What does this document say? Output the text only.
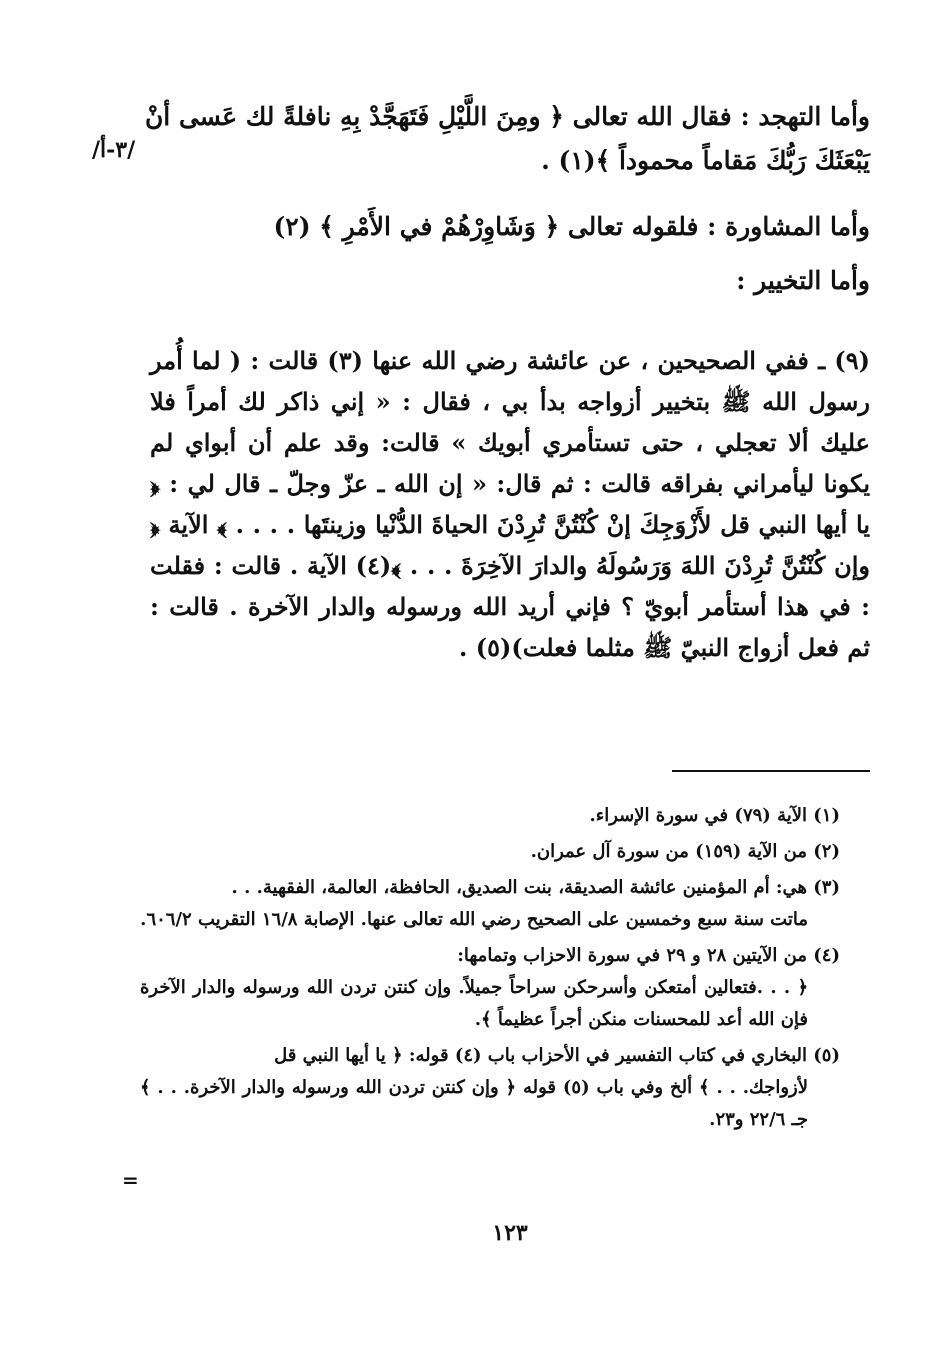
/٣-أ/

وأما التهجد : فقال الله تعالى ﴿ ومِنَ اللَّيْلِ فَتَهَجَّدْ بِهِ نافلةً لك عَسى أنْ يَبْعَثَكَ رَبُّكَ مَقاماً محموداً ﴾(١) .

وأما المشاورة : فلقوله تعالى ﴿ وَشَاوِرْهُمْ في الأَمْرِ ﴾ (٢)

وأما التخيير :

(٩) ـ ففي الصحيحين ، عن عائشة رضي الله عنها (٣) قالت : ( لما أُمر رسول الله ﷺ بتخيير أزواجه بدأ بي ، فقال : « إني ذاكر لك أمراً فلا عليك ألا تعجلي ، حتى تستأمري أبويك » قالت: وقد علم أن أبواي لم يكونا ليأمراني بفراقه قالت : ثم قال: « إن الله ـ عزّ وجلّ ـ قال لي : ﴿ يا أيها النبي قل لأَزْوَجِكَ إنْ كُنْتُنَّ تُرِدْنَ الحياةَ الدُّنْيا وزينتَها . . . . ﴾ الآية ﴿ وإن كُنْتُنَّ تُرِدْنَ اللهَ وَرَسُولَهُ والدارَ الآخِرَةَ . . . ﴾(٤) الآية . قالت : فقلت : في هذا أستأمر أبويّ ؟ فإني أريد الله ورسوله والدار الآخرة . قالت : ثم فعل أزواج النبيّ ﷺ مثلما فعلت)(٥) .

(١) الآية (٧٩) في سورة الإسراء.

(٢) من الآية (١٥٩) من سورة آل عمران.

(٣) هي: أم المؤمنين عائشة الصديقة، بنت الصديق، الحافظة، العالمة، الفقهية. . .
ماتت سنة سبع وخمسين على الصحيح رضي الله تعالى عنها. الإصابة ١٦/٨ التقريب ٦٠٦/٢.

(٤) من الآيتين ٢٨ و ٢٩ في سورة الاحزاب وتمامها:
﴿ . . .فتعالين أمتعكن وأسرحكن سراحاً جميلاً. وإن كنتن تردن الله ورسوله والدار الآخرة فإن الله أعد للمحسنات منكن أجراً عظيماً ﴾.

(٥) البخاري في كتاب التفسير في الأحزاب باب (٤) قوله: ﴿ يا أيها النبي قل
لأزواجك. . . ﴾ ألخ وفي باب (٥) قوله ﴿ وإن كنتن تردن الله ورسوله والدار الآخرة. . . ﴾ جـ ٢٢/٦ و٢٣.

=
١٢٣
